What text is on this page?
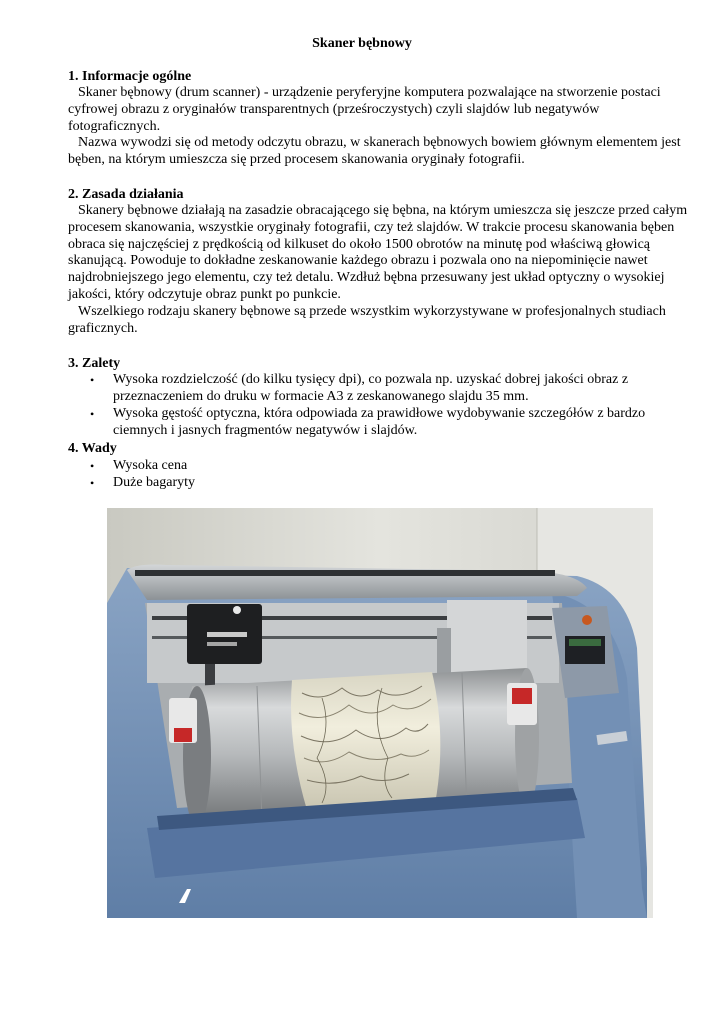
Skaner bębnowy
1. Informacje ogólne
Skaner bębnowy (drum scanner) - urządzenie peryferyjne komputera pozwalające na stworzenie postaci cyfrowej obrazu z oryginałów transparentnych (prześroczystych) czyli slajdów lub negatywów fotograficznych.
Nazwa wywodzi się od metody odczytu obrazu, w skanerach bębnowych bowiem głównym elementem jest bęben, na którym umieszcza się przed procesem skanowania oryginały fotografii.
2. Zasada działania
Skanery bębnowe działają na zasadzie obracającego się bębna, na którym umieszcza się jeszcze przed całym procesem skanowania, wszystkie oryginały fotografii, czy też slajdów. W trakcie procesu skanowania bęben obraca się najczęściej z prędkością od kilkuset do około 1500 obrotów na minutę pod właściwą głowicą skanującą. Powoduje to dokładne zeskanowanie każdego obrazu i pozwala ono na niepominięcie nawet najdrobniejszego jego elementu, czy też detalu. Wzdłuż bębna przesuwany jest układ optyczny o wysokiej jakości, który odczytuje obraz punkt po punkcie.
Wszelkiego rodzaju skanery bębnowe są przede wszystkim wykorzystywane w profesjonalnych studiach graficznych.
3. Zalety
• Wysoka rozdzielczość (do kilku tysięcy dpi), co pozwala np. uzyskać dobrej jakości obraz z przeznaczeniem do druku w formacie A3 z zeskanowanego slajdu 35 mm.
• Wysoka gęstość optyczna, która odpowiada za prawidłowe wydobywanie szczegółów z bardzo ciemnych i jasnych fragmentów negatywów i slajdów.
4. Wady
• Wysoka cena
• Duże bagaryty
